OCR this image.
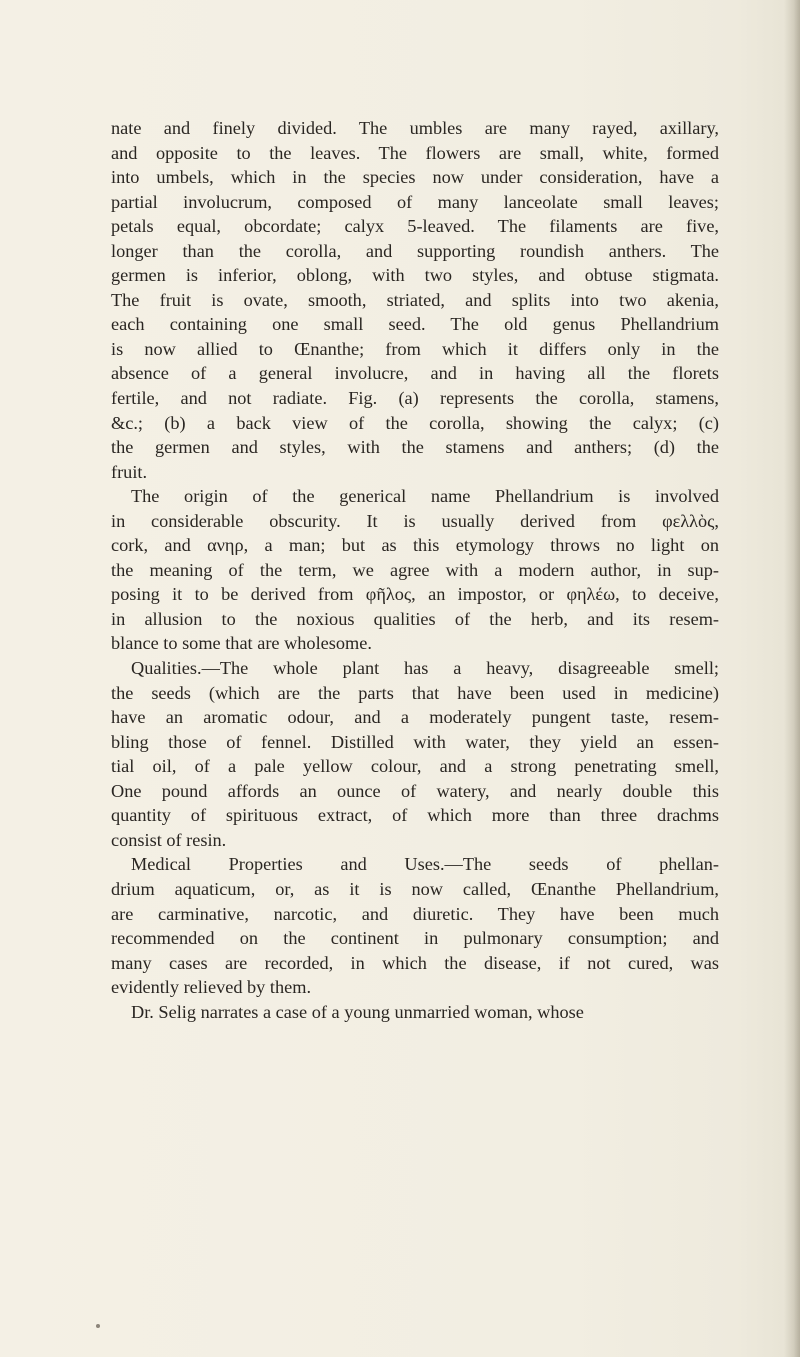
nate and finely divided. The umbles are many rayed, axillary,
and opposite to the leaves. The flowers are small, white, formed
into umbels, which in the species now under consideration, have a
partial involucrum, composed of many lanceolate small leaves;
petals equal, obcordate; calyx 5-leaved. The filaments are five,
longer than the corolla, and supporting roundish anthers. The
germen is inferior, oblong, with two styles, and obtuse stigmata.
The fruit is ovate, smooth, striated, and splits into two akenia,
each containing one small seed. The old genus Phellandrium
is now allied to Œnanthe; from which it differs only in the
absence of a general involucre, and in having all the florets
fertile, and not radiate. Fig. (a) represents the corolla, stamens,
&c.; (b) a back view of the corolla, showing the calyx; (c)
the germen and styles, with the stamens and anthers; (d) the
fruit.
The origin of the generical name Phellandrium is involved
in considerable obscurity. It is usually derived from φελλὸς,
cork, and ανηρ, a man; but as this etymology throws no light on
the meaning of the term, we agree with a modern author, in sup-
posing it to be derived from φῆλος, an impostor, or φηλέω, to deceive,
in allusion to the noxious qualities of the herb, and its resem-
blance to some that are wholesome.
Qualities.—The whole plant has a heavy, disagreeable smell;
the seeds (which are the parts that have been used in medicine)
have an aromatic odour, and a moderately pungent taste, resem-
bling those of fennel. Distilled with water, they yield an essen-
tial oil, of a pale yellow colour, and a strong penetrating smell,
One pound affords an ounce of watery, and nearly double this
quantity of spirituous extract, of which more than three drachms
consist of resin.
Medical Properties and Uses.—The seeds of phellan-
drium aquaticum, or, as it is now called, Œnanthe Phellandrium,
are carminative, narcotic, and diuretic. They have been much
recommended on the continent in pulmonary consumption; and
many cases are recorded, in which the disease, if not cured, was
evidently relieved by them.
Dr. Selig narrates a case of a young unmarried woman, whose
